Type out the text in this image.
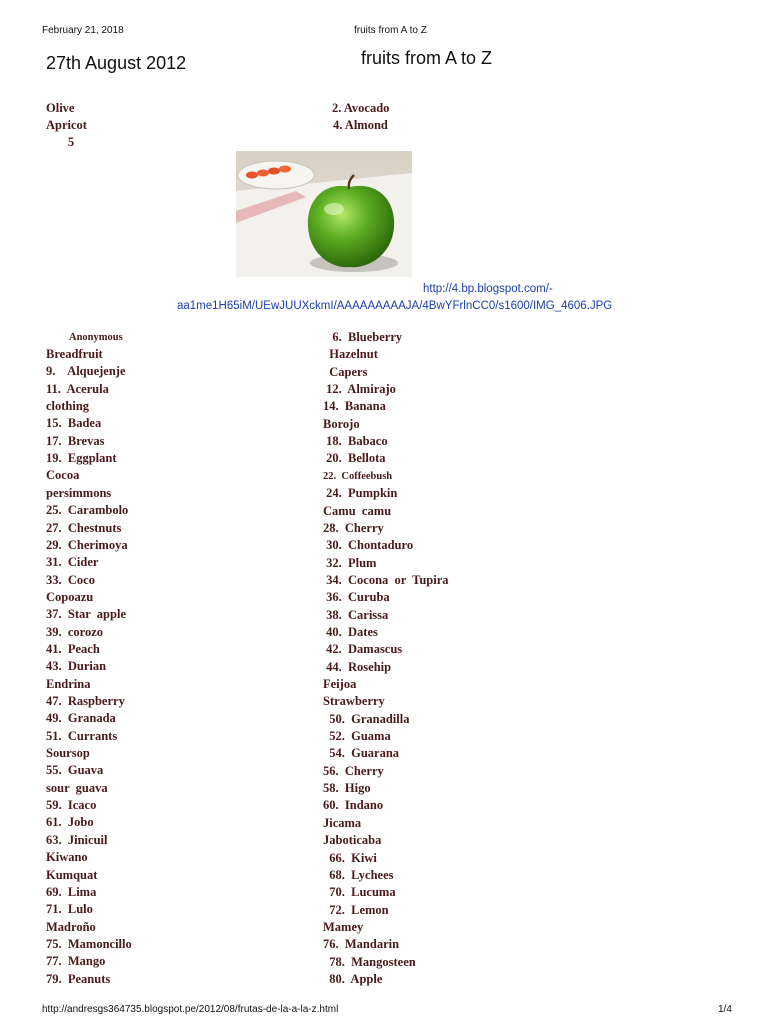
February 21, 2018	fruits from A to Z
27th August 2012	fruits from A to Z
Olive
Apricot
5
2. Avocado
4. Almond
http://4.bp.blogspot.com/-
aa1me1H65iM/UEwJUUXckmI/AAAAAAAAAJA/4BwYFrlnCC0/s1600/IMG_4606.JPG
Anonymous
Breadfruit
9.    Alquejenje
11.  Acerula
clothing
15.  Badea
17.  Brevas
19.  Eggplant
Cocoa
persimmons
25.  Carambolo
27.  Chestnuts
29.  Cherimoya
31.  Cider
33.  Coco
Copoazu
37.  Star  apple
39.  corozo
41.  Peach
43.  Durian
Endrina
47.  Raspberry
49.  Granada
51.  Currants
Soursop
55.  Guava
sour  guava
59.  Icaco
61.  Jobo
63.  Jinicuil
Kiwano
Kumquat
69.  Lima
71.  Lulo
Madroño
75.  Mamoncillo
77.  Mango
79.  Peanuts
6.  Blueberry
Hazelnut
Capers
12.  Almirajo
14.  Banana
Borojo
18.  Babaco
20.  Bellota
22.  Coffeebush
24.  Pumpkin
Camu  camu
28.  Cherry
30.  Chontaduro
32.  Plum
34.  Cocona  or  Tupira
36.  Curuba
38.  Carissa
40.  Dates
42.  Damascus
44.  Rosehip
Feijoa
Strawberry
50.  Granadilla
52.  Guama
54.  Guarana
56.  Cherry
58.  Higo
60.  Indano
Jicama
Jaboticaba
66.  Kiwi
68.  Lychees
70.  Lucuma
72.  Lemon
Mamey
76.  Mandarin
78.  Mangosteen
80.  Apple
http://andresgs364735.blogspot.pe/2012/08/frutas-de-la-a-la-z.html	1/4
